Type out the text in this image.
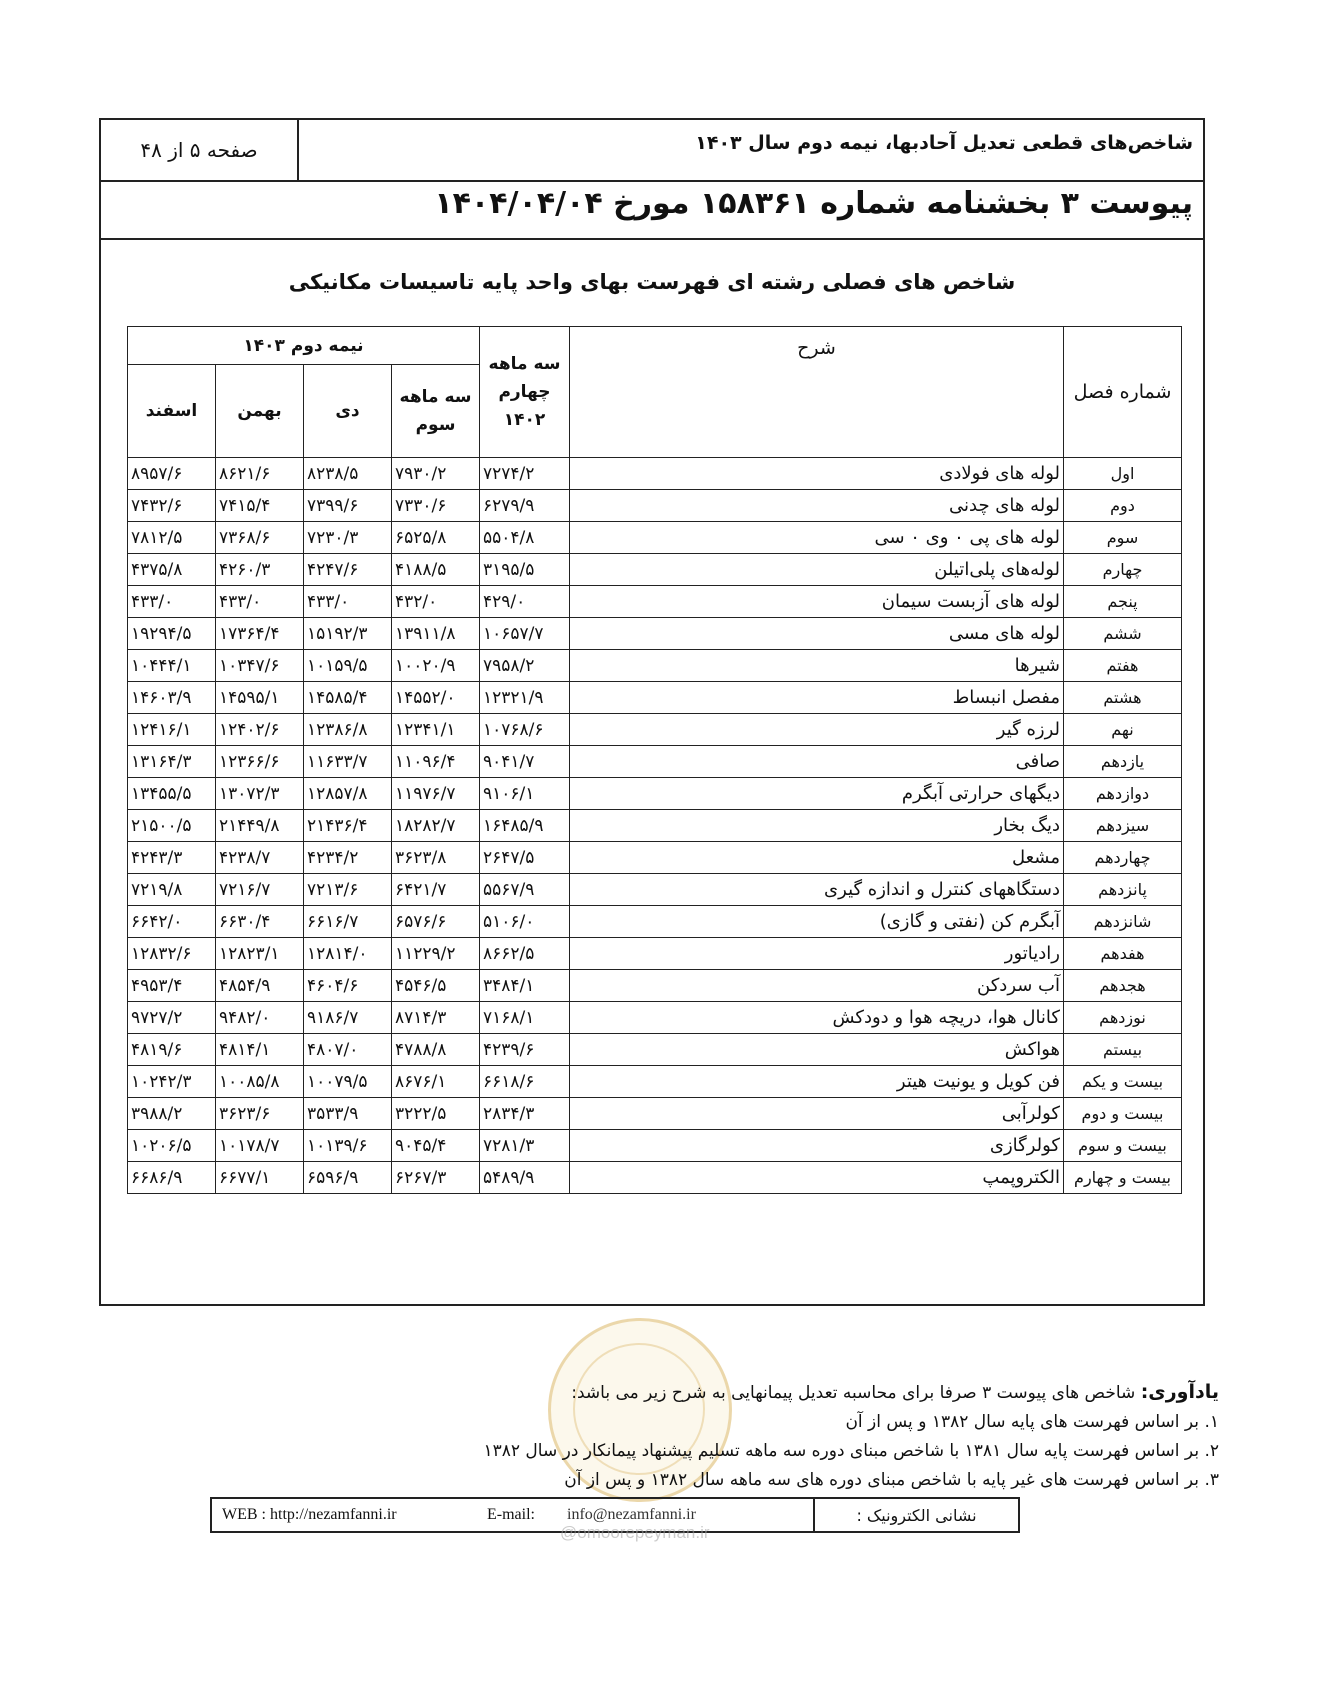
شاخص‌های قطعی تعدیل آحادبها، نیمه دوم سال ۱۴۰۳
صفحه ۵ از ۴۸
پیوست ۳ بخشنامه شماره ۱۵۸۳۶۱ مورخ ۱۴۰۴/۰۴/۰۴
شاخص های فصلی رشته ای فهرست بهای واحد پایه تاسیسات مکانیکی
شماره فصل	شرح	سه ماهه چهارم ۱۴۰۲	نیمه دوم ۱۴۰۳			
			سه ماهه سوم	دی	بهمن	اسفند
اول	لوله های فولادی	۷۲۷۴/۲	۷۹۳۰/۲	۸۲۳۸/۵	۸۶۲۱/۶	۸۹۵۷/۶
دوم	لوله های چدنی	۶۲۷۹/۹	۷۳۳۰/۶	۷۳۹۹/۶	۷۴۱۵/۴	۷۴۳۲/۶
سوم	لوله های پی ٠ وی ٠ سی	۵۵۰۴/۸	۶۵۲۵/۸	۷۲۳۰/۳	۷۳۶۸/۶	۷۸۱۲/۵
چهارم	لوله‌های پلی‌اتیلن	۳۱۹۵/۵	۴۱۸۸/۵	۴۲۴۷/۶	۴۲۶۰/۳	۴۳۷۵/۸
پنجم	لوله های آزبست سیمان	۴۲۹/۰	۴۳۲/۰	۴۳۳/۰	۴۳۳/۰	۴۳۳/۰
ششم	لوله های مسی	۱۰۶۵۷/۷	۱۳۹۱۱/۸	۱۵۱۹۲/۳	۱۷۳۶۴/۴	۱۹۲۹۴/۵
هفتم	شیرها	۷۹۵۸/۲	۱۰۰۲۰/۹	۱۰۱۵۹/۵	۱۰۳۴۷/۶	۱۰۴۴۴/۱
هشتم	مفصل انبساط	۱۲۳۲۱/۹	۱۴۵۵۲/۰	۱۴۵۸۵/۴	۱۴۵۹۵/۱	۱۴۶۰۳/۹
نهم	لرزه گیر	۱۰۷۶۸/۶	۱۲۳۴۱/۱	۱۲۳۸۶/۸	۱۲۴۰۲/۶	۱۲۴۱۶/۱
یازدهم	صافی	۹۰۴۱/۷	۱۱۰۹۶/۴	۱۱۶۳۳/۷	۱۲۳۶۶/۶	۱۳۱۶۴/۳
دوازدهم	دیگهای حرارتی آبگرم	۹۱۰۶/۱	۱۱۹۷۶/۷	۱۲۸۵۷/۸	۱۳۰۷۲/۳	۱۳۴۵۵/۵
سیزدهم	دیگ بخار	۱۶۴۸۵/۹	۱۸۲۸۲/۷	۲۱۴۳۶/۴	۲۱۴۴۹/۸	۲۱۵۰۰/۵
چهاردهم	مشعل	۲۶۴۷/۵	۳۶۲۳/۸	۴۲۳۴/۲	۴۲۳۸/۷	۴۲۴۳/۳
پانزدهم	دستگاههای کنترل و اندازه گیری	۵۵۶۷/۹	۶۴۲۱/۷	۷۲۱۳/۶	۷۲۱۶/۷	۷۲۱۹/۸
شانزدهم	آبگرم کن (نفتی و گازی)	۵۱۰۶/۰	۶۵۷۶/۶	۶۶۱۶/۷	۶۶۳۰/۴	۶۶۴۲/۰
هفدهم	رادیاتور	۸۶۶۲/۵	۱۱۲۲۹/۲	۱۲۸۱۴/۰	۱۲۸۲۳/۱	۱۲۸۳۲/۶
هجدهم	آب سردکن	۳۴۸۴/۱	۴۵۴۶/۵	۴۶۰۴/۶	۴۸۵۴/۹	۴۹۵۳/۴
نوزدهم	کانال هوا، دریچه هوا و دودکش	۷۱۶۸/۱	۸۷۱۴/۳	۹۱۸۶/۷	۹۴۸۲/۰	۹۷۲۷/۲
بیستم	هواکش	۴۲۳۹/۶	۴۷۸۸/۸	۴۸۰۷/۰	۴۸۱۴/۱	۴۸۱۹/۶
بیست و یکم	فن کویل و یونیت هیتر	۶۶۱۸/۶	۸۶۷۶/۱	۱۰۰۷۹/۵	۱۰۰۸۵/۸	۱۰۲۴۲/۳
بیست و دوم	کولرآبی	۲۸۳۴/۳	۳۲۲۲/۵	۳۵۳۳/۹	۳۶۲۳/۶	۳۹۸۸/۲
بیست و سوم	کولرگازی	۷۲۸۱/۳	۹۰۴۵/۴	۱۰۱۳۹/۶	۱۰۱۷۸/۷	۱۰۲۰۶/۵
بیست و چهارم	الکتروپمپ	۵۴۸۹/۹	۶۲۶۷/۳	۶۵۹۶/۹	۶۶۷۷/۱	۶۶۸۶/۹
یادآوری: شاخص های پیوست ۳ صرفا برای محاسبه تعدیل پیمانهایی به شرح زیر می باشد:
۱. بر اساس فهرست های پایه سال ۱۳۸۲ و پس از آن
۲. بر اساس فهرست پایه سال ۱۳۸۱ با شاخص مبنای دوره سه ماهه تسلیم پیشنهاد پیمانکار در سال ۱۳۸۲
۳. بر اساس فهرست های غیر پایه با شاخص مبنای دوره های سه ماهه سال ۱۳۸۲ و پس از آن
WEB : http://nezamfanni.ir	E-mail: info@nezamfanni.ir	نشانی الکترونیک :
@omoorepeyman.ir
